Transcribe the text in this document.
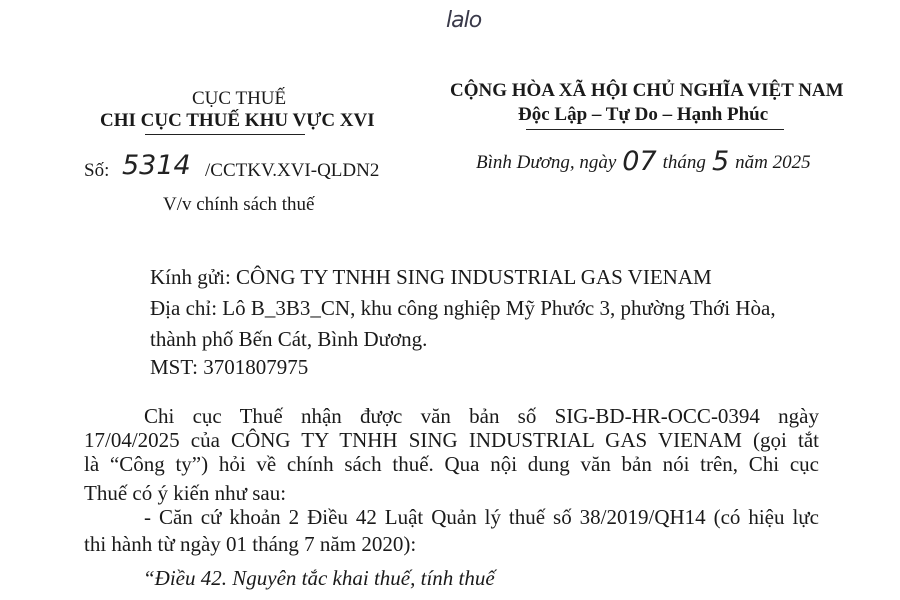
lalo
CỤC THUẾ
CHI CỤC THUẾ KHU VỰC XVI
CỘNG HÒA XÃ HỘI CHỦ NGHĨA VIỆT NAM
Độc Lập – Tự Do – Hạnh Phúc
Số: 5314 /CCTKV.XVI-QLDN2
V/v chính sách thuế
Bình Dương, ngày 07 tháng 5 năm 2025
Kính gửi: CÔNG TY TNHH SING INDUSTRIAL GAS VIENAM
Địa chỉ: Lô B_3B3_CN, khu công nghiệp Mỹ Phước 3, phường Thới Hòa,
thành phố Bến Cát, Bình Dương.
MST: 3701807975
Chi cục Thuế nhận được văn bản số SIG-BD-HR-OCC-0394 ngày
17/04/2025 của CÔNG TY TNHH SING INDUSTRIAL GAS VIENAM (gọi tắt
là “Công ty”) hỏi về chính sách thuế. Qua nội dung văn bản nói trên, Chi cục
Thuế có ý kiến như sau:
- Căn cứ khoản 2 Điều 42 Luật Quản lý thuế số 38/2019/QH14 (có hiệu lực
thi hành từ ngày 01 tháng 7 năm 2020):
“Điều 42. Nguyên tắc khai thuế, tính thuế
